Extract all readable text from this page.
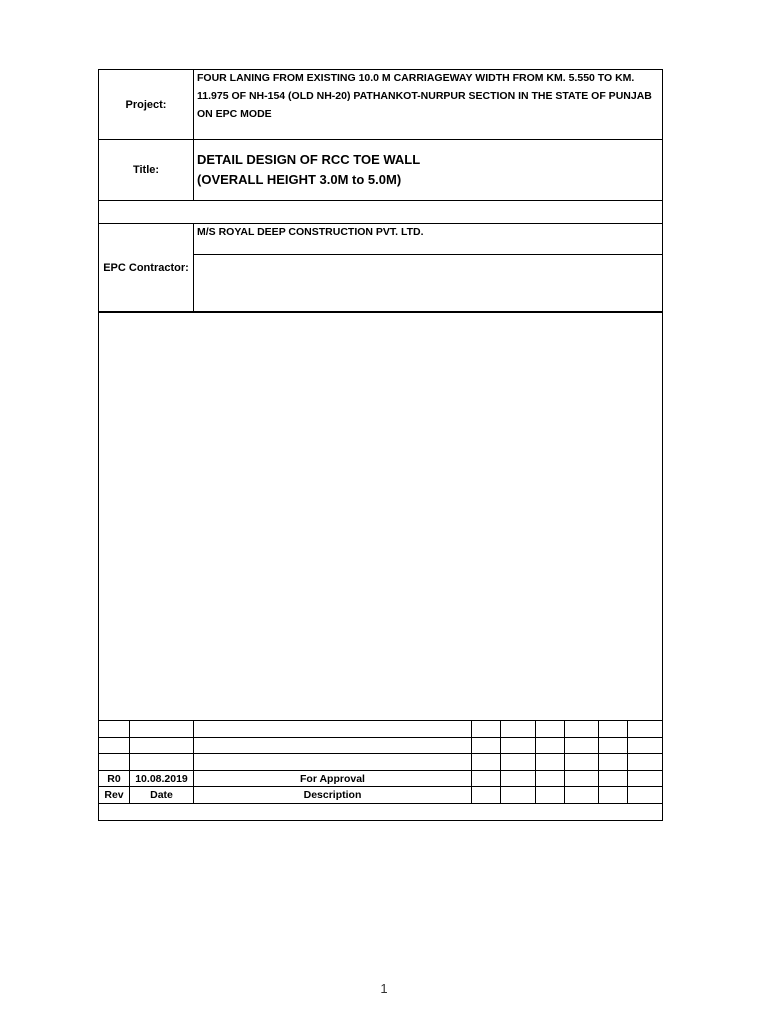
Project:
FOUR LANING FROM EXISTING 10.0 M CARRIAGEWAY WIDTH FROM KM. 5.550 TO KM. 11.975 OF NH-154 (OLD NH-20) PATHANKOT-NURPUR SECTION IN THE STATE OF PUNJAB ON EPC MODE
Title:
DETAIL DESIGN OF RCC TOE WALL
(OVERALL HEIGHT 3.0M to 5.0M)
EPC Contractor:
M/S ROYAL DEEP CONSTRUCTION PVT. LTD.
R0	10.08.2019	For Approval
Rev	Date	Description
1
